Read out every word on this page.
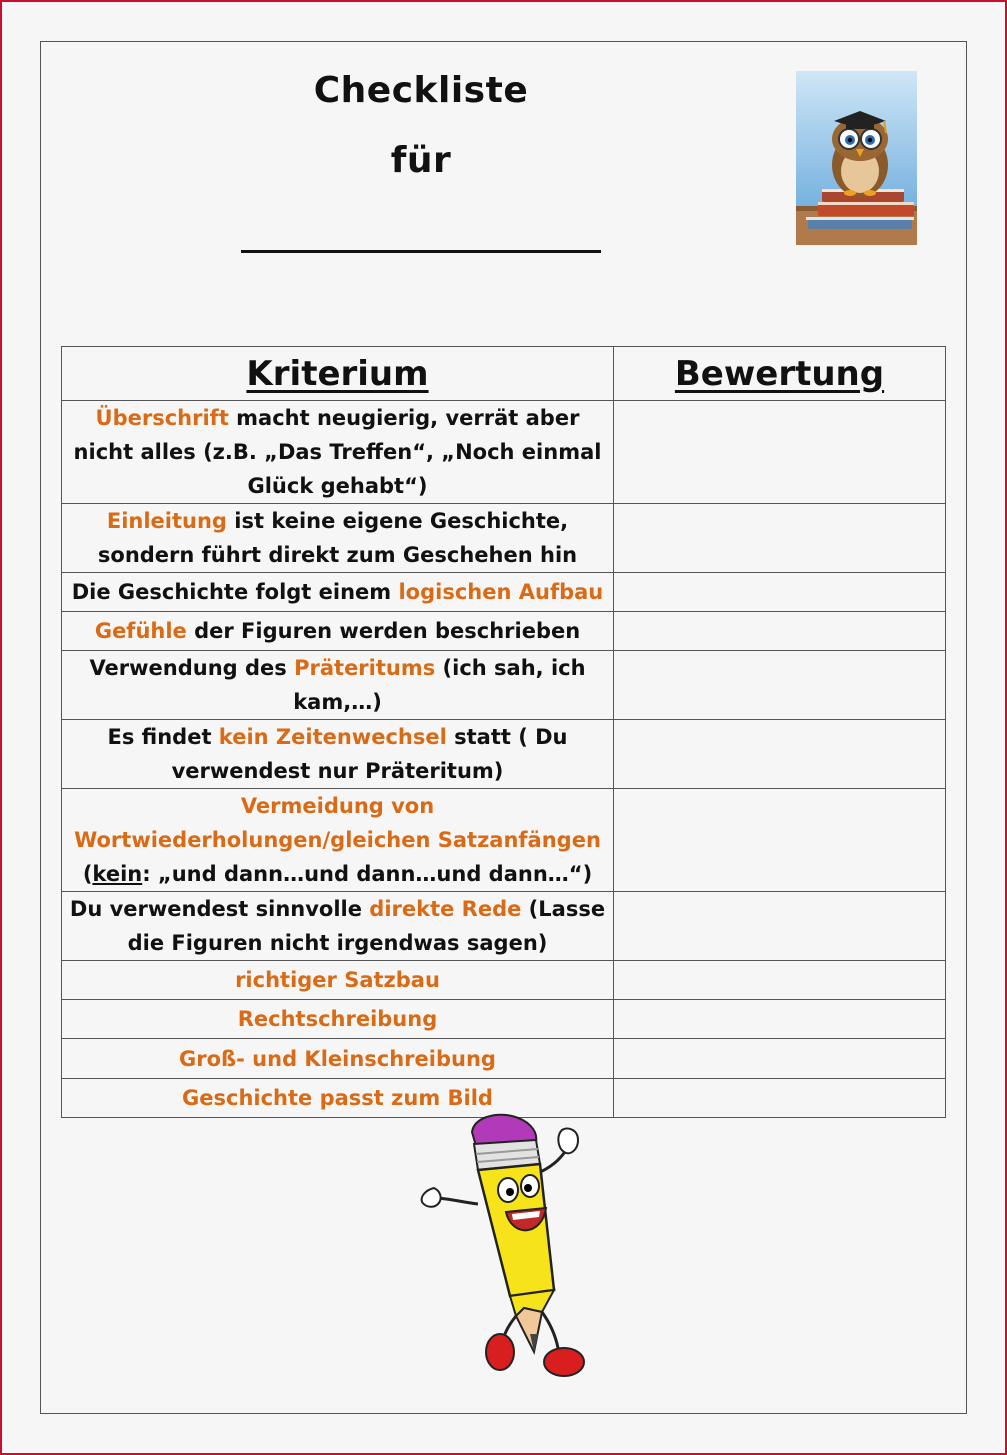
Checkliste
für
Kriterium	Bewertung
Überschrift macht neugierig, verrät aber nicht alles (z.B. „Das Treffen“, „Noch einmal Glück gehabt“)	
Einleitung ist keine eigene Geschichte, sondern führt direkt zum Geschehen hin	
Die Geschichte folgt einem logischen Aufbau	
Gefühle der Figuren werden beschrieben	
Verwendung des Präteritums (ich sah, ich kam,…)	
Es findet kein Zeitenwechsel statt ( Du verwendest nur Präteritum)	
Vermeidung von Wortwiederholungen/gleichen Satzanfängen (kein: „und dann…und dann…und dann…“)	
Du verwendest sinnvolle direkte Rede (Lasse die Figuren nicht irgendwas sagen)	
richtiger Satzbau	
Rechtschreibung	
Groß- und Kleinschreibung	
Geschichte passt zum Bild	
